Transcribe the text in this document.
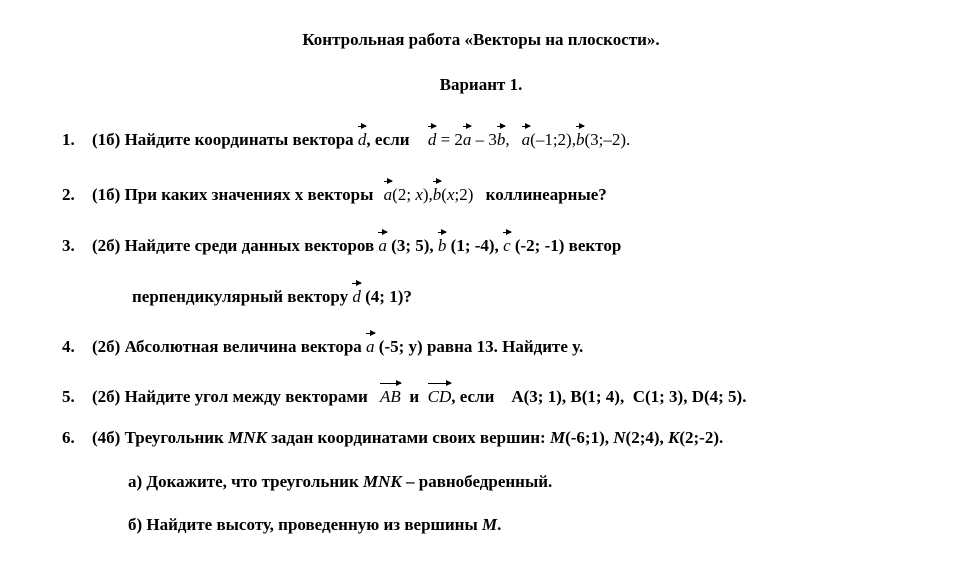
Контрольная работа «Векторы на плоскости».
Вариант 1.
1. (1б) Найдите координаты вектора d, если d = 2a – 3b, a(–1;2),b(3;–2).
2. (1б) При каких значениях х векторы a(2; x),b(x;2) коллинеарные?
3. (2б) Найдите среди данных векторов a (3; 5), b (1; -4), c (-2; -1) вектор
перпендикулярный вектору d (4; 1)?
4. (2б) Абсолютная величина вектора a (-5; у) равна 13. Найдите у.
5. (2б) Найдите угол между векторами AB  и  CD, если    A(3; 1), B(1; 4),  C(1; 3), D(4; 5).
6. (4б) Треугольник MNK задан координатами своих вершин: M(-6;1), N(2;4), K(2;-2).
а) Докажите, что треугольник MNK – равнобедренный.
б) Найдите высоту, проведенную из вершины M.
